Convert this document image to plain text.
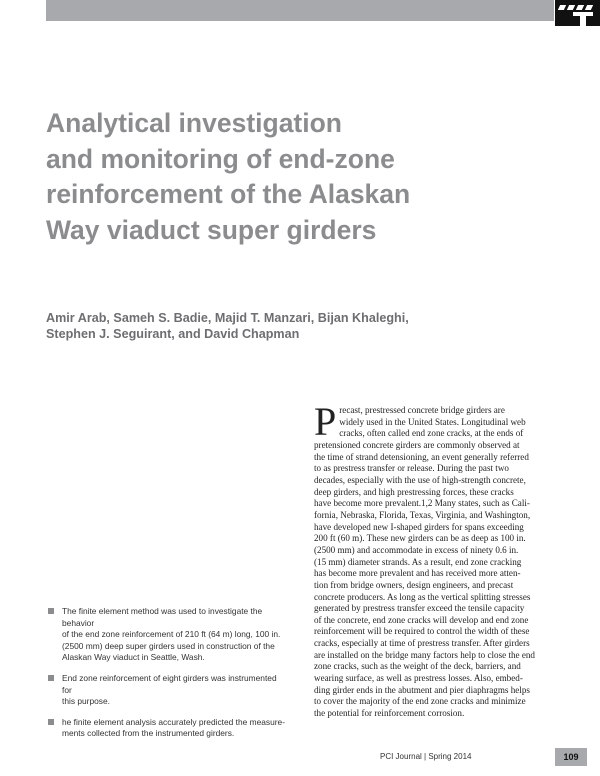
Analytical investigation
and monitoring of end-zone
reinforcement of the Alaskan
Way viaduct super girders

Amir Arab, Sameh S. Badie, Majid T. Manzari, Bijan Khaleghi,
Stephen J. Seguirant, and David Chapman

The finite element method was used to investigate the behavior
of the end zone reinforcement of 210 ft (64 m) long, 100 in.
(2500 mm) deep super girders used in construction of the
Alaskan Way viaduct in Seattle, Wash.
End zone reinforcement of eight girders was instrumented for
this purpose.
he finite element analysis accurately predicted the measure-
ments collected from the instrumented girders.
P recast, prestressed concrete bridge girders are
widely used in the United States. Longitudinal web
cracks, often called end zone cracks, at the ends of
pretensioned concrete girders are commonly observed at
the time of strand detensioning, an event generally referred
to as prestress transfer or release. During the past two
decades, especially with the use of high-strength concrete,
deep girders, and high prestressing forces, these cracks
have become more prevalent.1,2 Many states, such as Cali-
fornia, Nebraska, Florida, Texas, Virginia, and Washington,
have developed new I-shaped girders for spans exceeding
200 ft (60 m). These new girders can be as deep as 100 in.
(2500 mm) and accommodate in excess of ninety 0.6 in.
(15 mm) diameter strands. As a result, end zone cracking
has become more prevalent and has received more atten-
tion from bridge owners, design engineers, and precast
concrete producers. As long as the vertical splitting stresses
generated by prestress transfer exceed the tensile capacity
of the concrete, end zone cracks will develop and end zone
reinforcement will be required to control the width of these
cracks, especially at time of prestress transfer. After girders
are installed on the bridge many factors help to close the end
zone cracks, such as the weight of the deck, barriers, and
wearing surface, as well as prestress losses. Also, embed-
ding girder ends in the abutment and pier diaphragms helps
to cover the majority of the end zone cracks and minimize
the potential for reinforcement corrosion.
PCI Journal | Spring 2014	109
